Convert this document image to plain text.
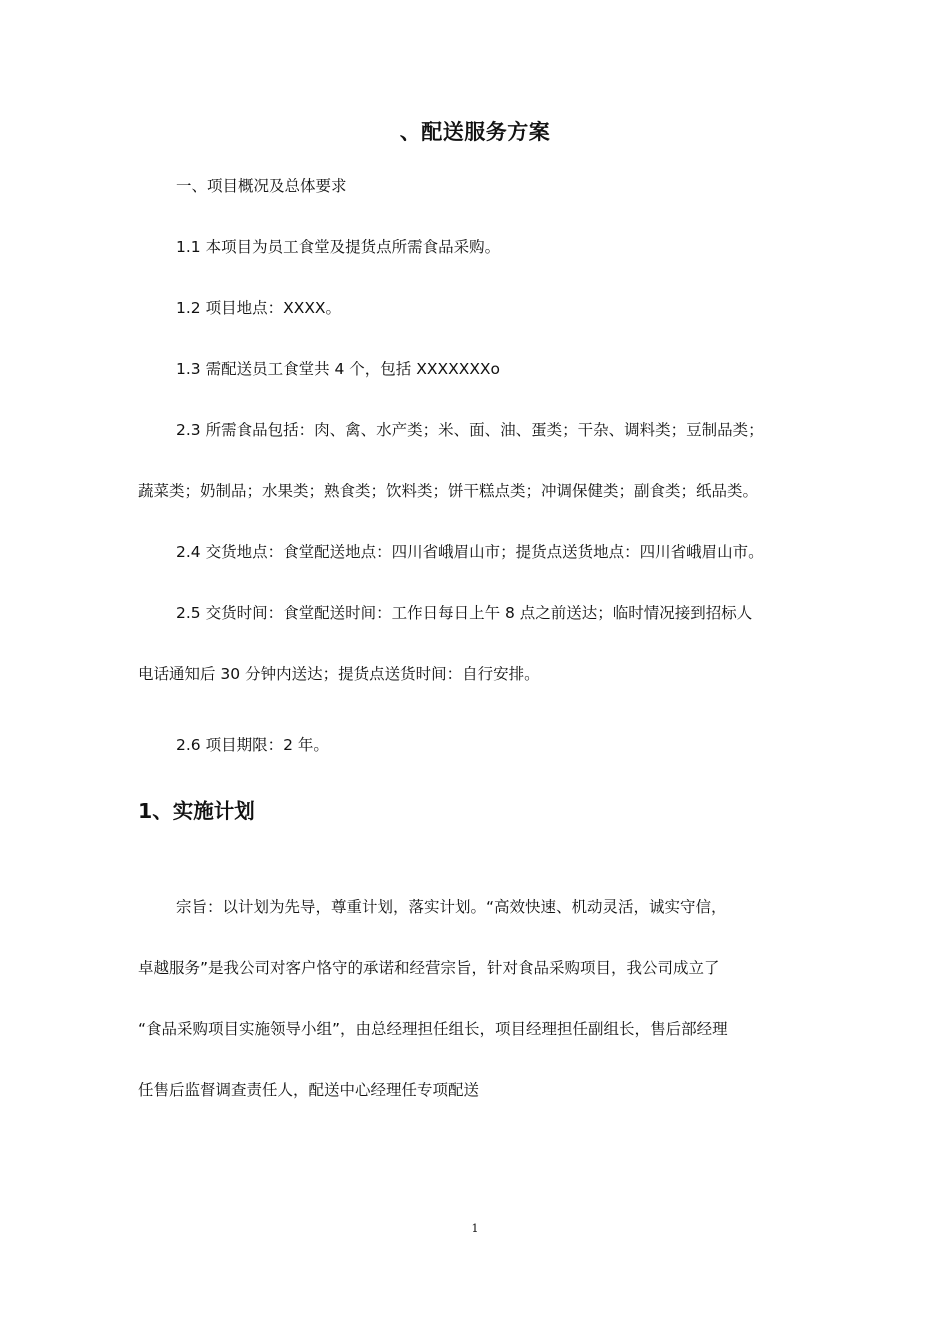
、配送服务方案
一、项目概况及总体要求
1.1 本项目为员工食堂及提货点所需食品采购。
1.2 项目地点：XXXX。
1.3 需配送员工食堂共 4 个，包括 XXXXXXXo
2.3 所需食品包括：肉、禽、水产类；米、面、油、蛋类；干杂、调料类；豆制品类；
蔬菜类；奶制品；水果类；熟食类；饮料类；饼干糕点类；冲调保健类；副食类；纸品类。
2.4 交货地点：食堂配送地点：四川省峨眉山市；提货点送货地点：四川省峨眉山市。
2.5 交货时间：食堂配送时间：工作日每日上午 8 点之前送达；临时情况接到招标人
电话通知后 30 分钟内送达；提货点送货时间：自行安排。
2.6 项目期限：2 年。
1、实施计划
宗旨：以计划为先导，尊重计划，落实计划。“高效快速、机动灵活，诚实守信，
卓越服务”是我公司对客户恪守的承诺和经营宗旨，针对食品采购项目，我公司成立了
“食品采购项目实施领导小组”，由总经理担任组长，项目经理担任副组长，售后部经理
任售后监督调查责任人，配送中心经理任专项配送
1
